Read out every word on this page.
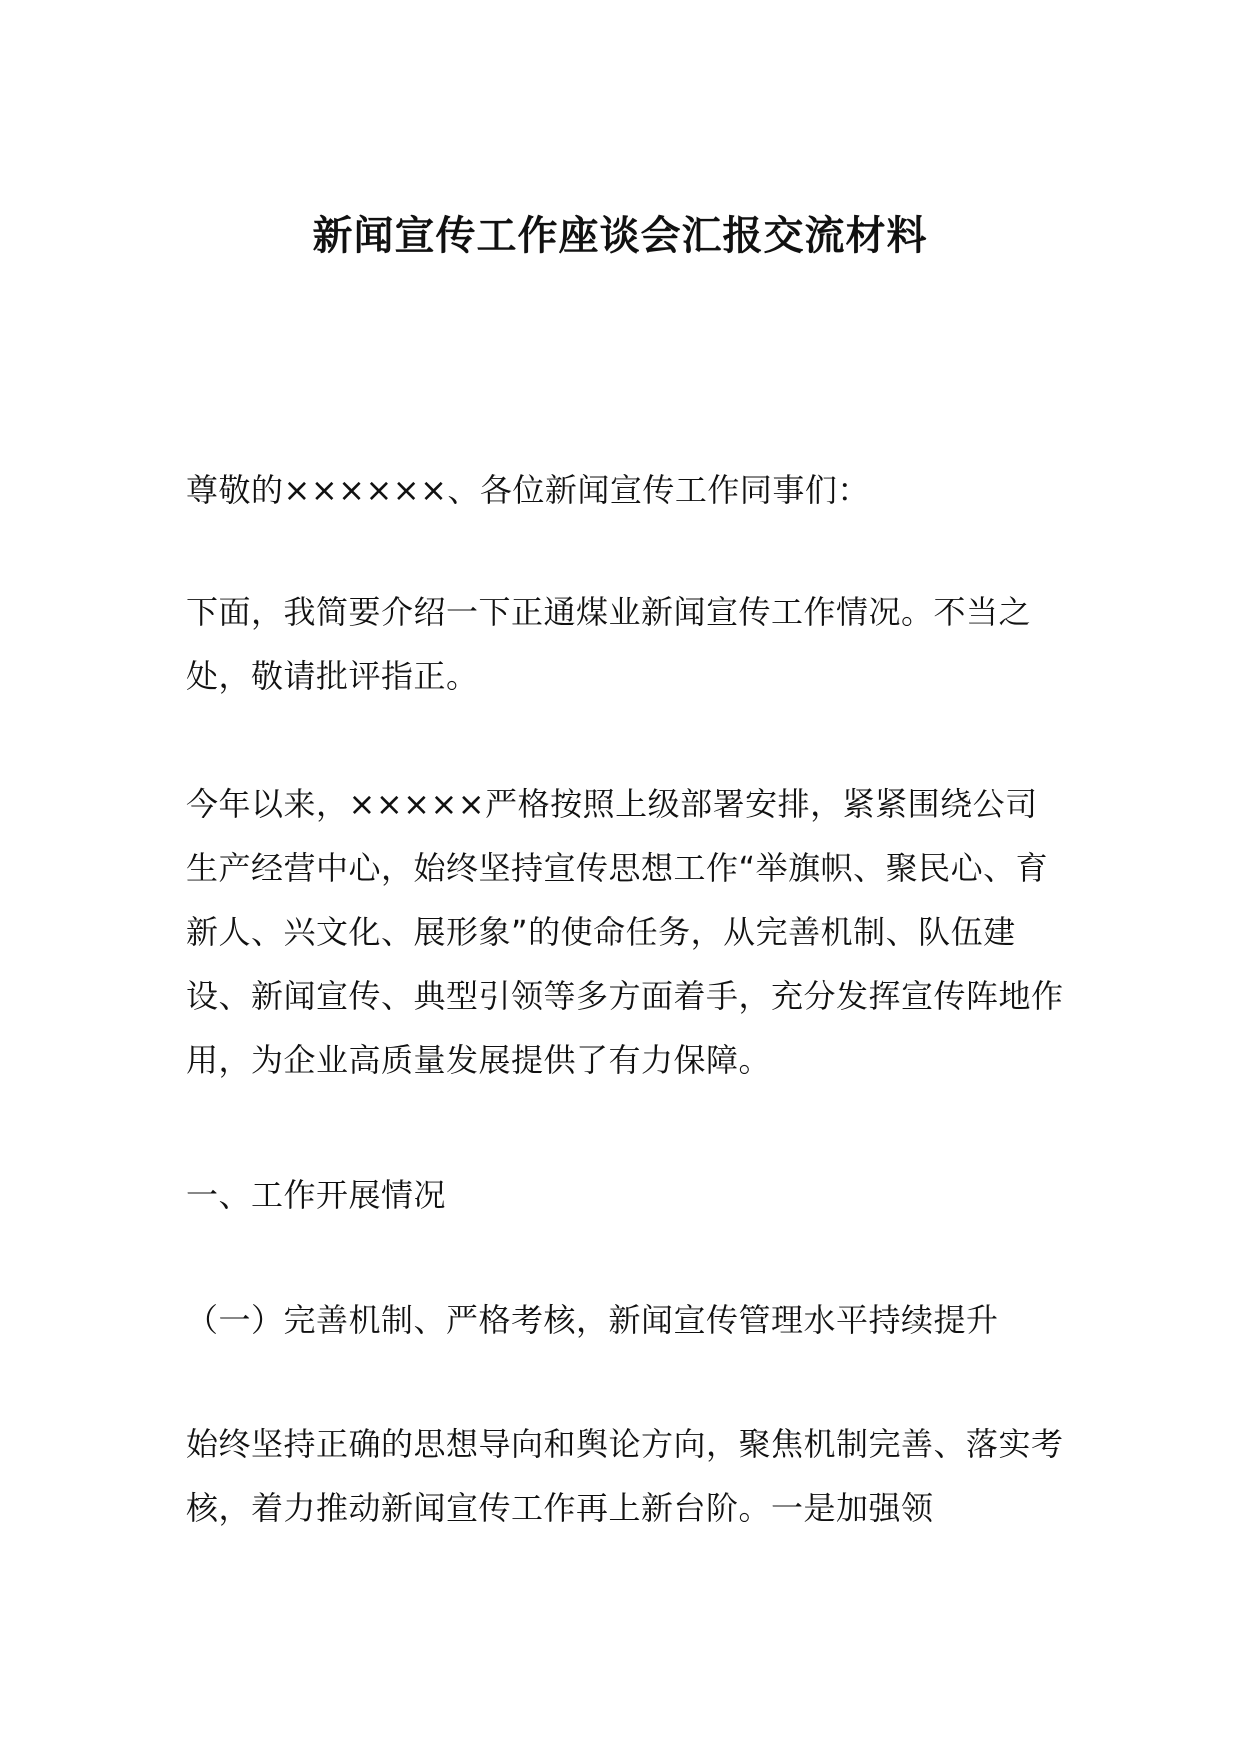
新闻宣传工作座谈会汇报交流材料

尊敬的××××××、各位新闻宣传工作同事们：

下面，我简要介绍一下正通煤业新闻宣传工作情况。不当之处，敬请批评指正。

今年以来，×××××严格按照上级部署安排，紧紧围绕公司生产经营中心，始终坚持宣传思想工作“举旗帜、聚民心、育新人、兴文化、展形象”的使命任务，从完善机制、队伍建设、新闻宣传、典型引领等多方面着手，充分发挥宣传阵地作用，为企业高质量发展提供了有力保障。

一、工作开展情况

（一）完善机制、严格考核，新闻宣传管理水平持续提升

始终坚持正确的思想导向和舆论方向，聚焦机制完善、落实考核，着力推动新闻宣传工作再上新台阶。一是加强领
